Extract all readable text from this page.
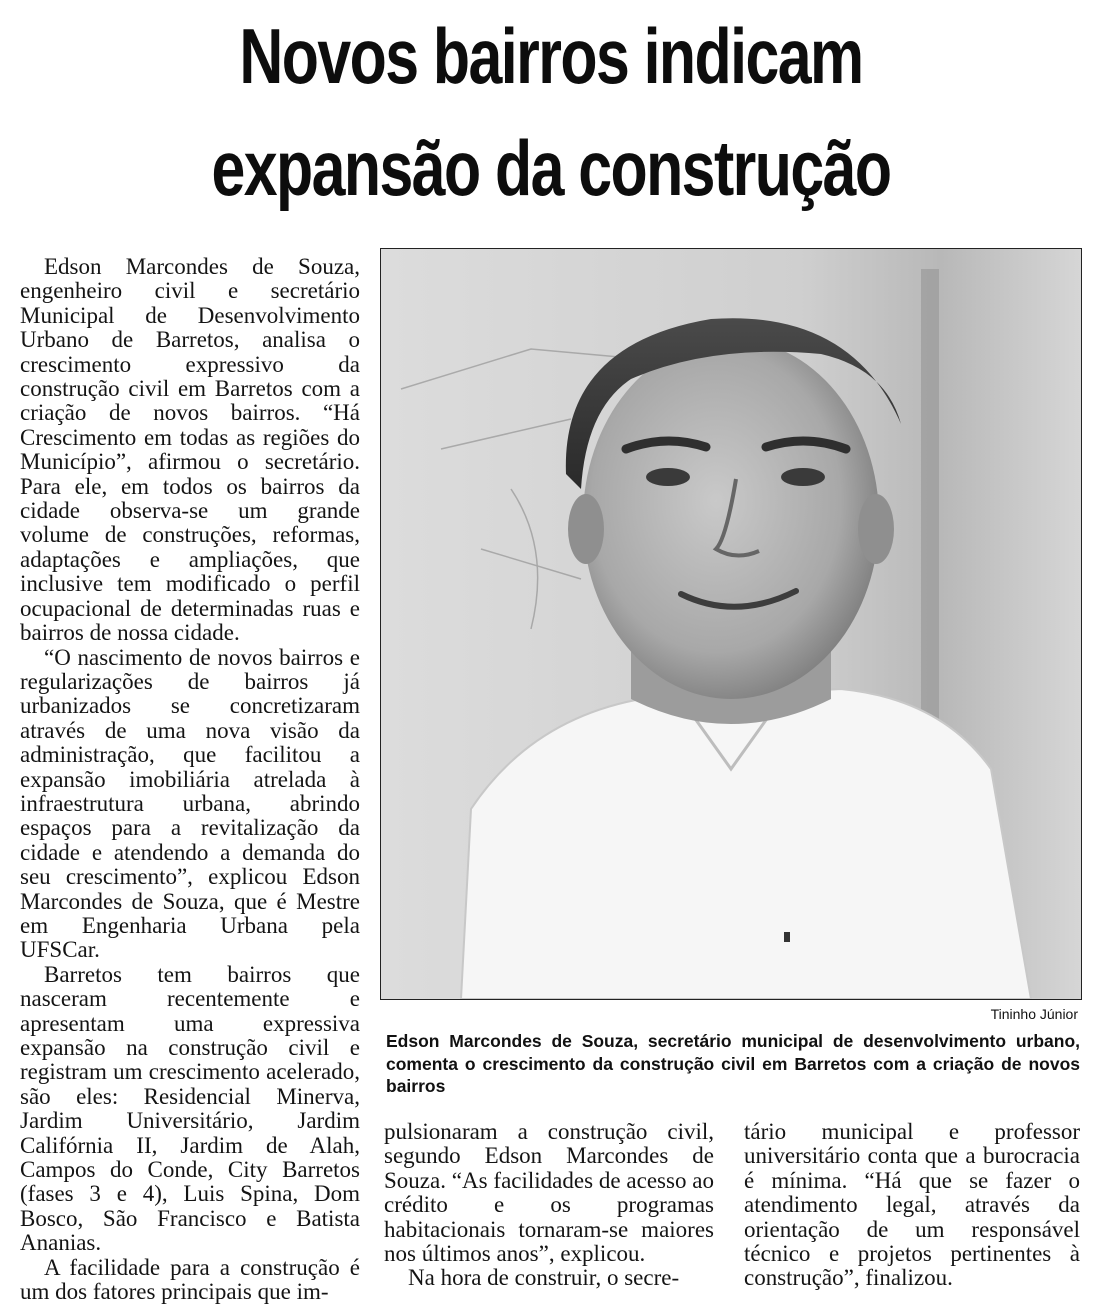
Novos bairros indicam
expansão da construção

Edson Marcondes de Souza, engenheiro civil e secretário Municipal de Desenvolvimento Urbano de Barretos, analisa o crescimento expressivo da construção civil em Barretos com a criação de novos bairros. “Há Crescimento em todas as regiões do Município”, afirmou o secretário. Para ele, em todos os bairros da cidade observa-se um grande volume de construções, reformas, adaptações e ampliações, que inclusive tem modificado o perfil ocupacional de determinadas ruas e bairros de nossa cidade.

“O nascimento de novos bairros e regularizações de bairros já urbanizados se concretizaram através de uma nova visão da administração, que facilitou a expansão imobiliária atrelada à infraestrutura urbana, abrindo espaços para a revitalização da cidade e atendendo a demanda do seu crescimento”, explicou Edson Marcondes de Souza, que é Mestre em Engenharia Urbana pela UFSCar.

Barretos tem bairros que nasceram recentemente e apresentam uma expressiva expansão na construção civil e registram um crescimento acelerado, são eles: Residencial Minerva, Jardim Universitário, Jardim Califórnia II, Jardim de Alah, Campos do Conde, City Barretos (fases 3 e 4), Luis Spina, Dom Bosco, São Francisco e Batista Ananias.

A facilidade para a construção é um dos fatores principais que im-

Tininho Júnior
Edson Marcondes de Souza, secretário municipal de desenvolvimento urbano, comenta o crescimento da construção civil em Barretos com a criação de novos bairros

pulsionaram a construção civil, segundo Edson Marcondes de Souza. “As facilidades de acesso ao crédito e os programas habitacionais tornaram-se maiores nos últimos anos”, explicou.

Na hora de construir, o secre-

tário municipal e professor universitário conta que a burocracia é mínima. “Há que se fazer o atendimento legal, através da orientação de um responsável técnico e projetos pertinentes à construção”, finalizou.
